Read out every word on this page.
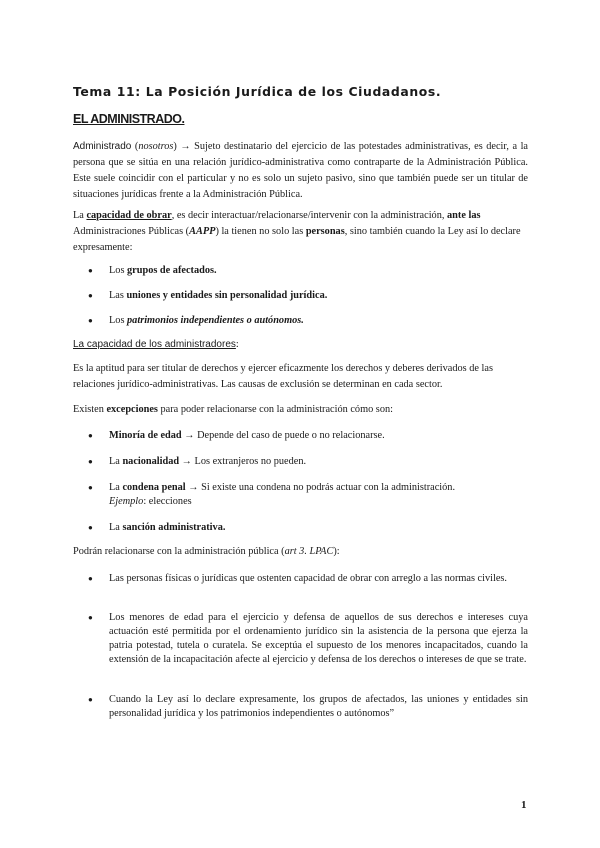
Tema 11: La Posición Jurídica de los Ciudadanos.
EL ADMINISTRADO.

Administrado (nosotros) → Sujeto destinatario del ejercicio de las potestades administrativas, es decir, a la persona que se sitúa en una relación jurídico-administrativa como contraparte de la Administración Pública. Este suele coincidir con el particular y no es solo un sujeto pasivo, sino que también puede ser un titular de situaciones jurídicas frente a la Administración Pública.

La capacidad de obrar, es decir interactuar/relacionarse/intervenir con la administración, ante las Administraciones Públicas (AAPP) la tienen no solo las personas, sino también cuando la Ley así lo declare expresamente:

●	Los grupos de afectados.
●	Las uniones y entidades sin personalidad jurídica.
●	Los patrimonios independientes o autónomos.

La capacidad de los administradores:

Es la aptitud para ser titular de derechos y ejercer eficazmente los derechos y deberes derivados de las relaciones jurídico-administrativas. Las causas de exclusión se determinan en cada sector.

Existen excepciones para poder relacionarse con la administración cómo son:

●	Minoría de edad → Depende del caso de puede o no relacionarse.
●	La nacionalidad → Los extranjeros no pueden.
●	La condena penal → Si existe una condena no podrás actuar con la administración.
Ejemplo: elecciones
●	La sanción administrativa.

Podrán relacionarse con la administración pública (art 3. LPAC):

●	Las personas físicas o jurídicas que ostenten capacidad de obrar con arreglo a las normas civiles.
●	Los menores de edad para el ejercicio y defensa de aquellos de sus derechos e intereses cuya actuación esté permitida por el ordenamiento jurídico sin la asistencia de la persona que ejerza la patria potestad, tutela o curatela. Se exceptúa el supuesto de los menores incapacitados, cuando la extensión de la incapacitación afecte al ejercicio y defensa de los derechos o intereses de que se trate.
●	Cuando la Ley así lo declare expresamente, los grupos de afectados, las uniones y entidades sin personalidad jurídica y los patrimonios independientes o autónomos”

1
